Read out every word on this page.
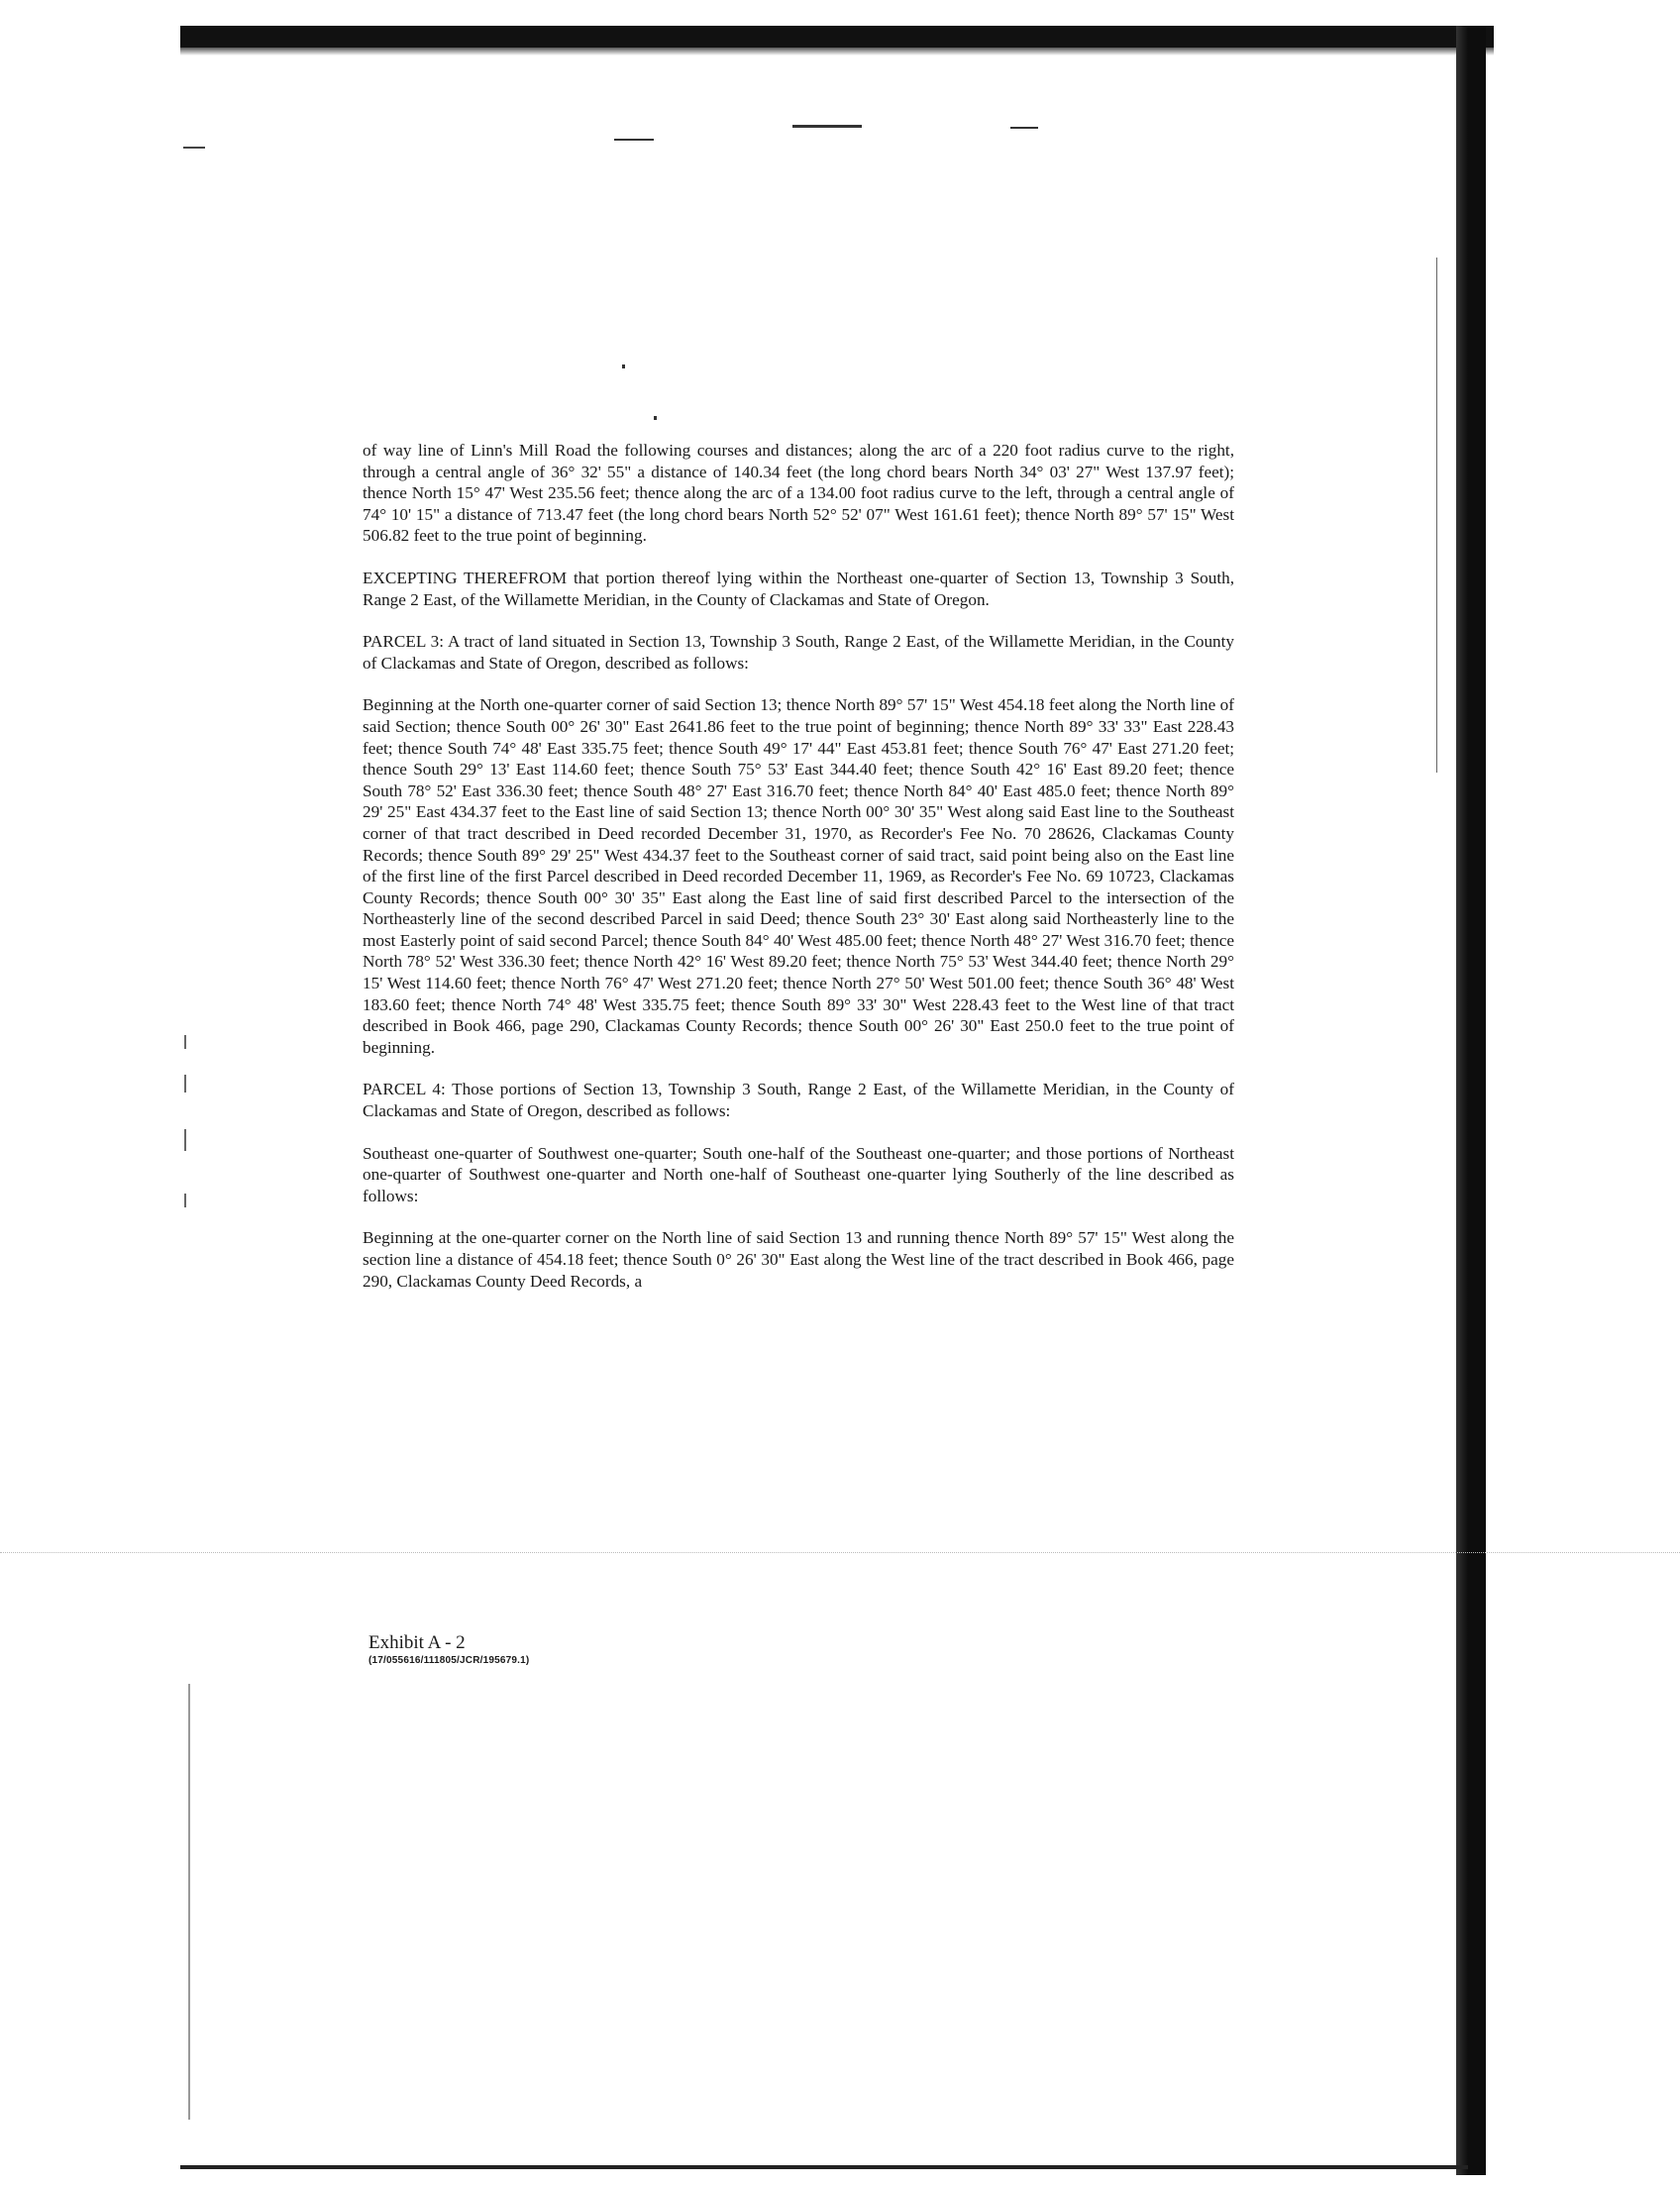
of way line of Linn's Mill Road the following courses and distances; along the arc of a 220 foot radius curve to the right, through a central angle of 36° 32' 55" a distance of 140.34 feet (the long chord bears North 34° 03' 27" West 137.97 feet); thence North 15° 47' West 235.56 feet; thence along the arc of a 134.00 foot radius curve to the left, through a central angle of 74° 10' 15" a distance of 713.47 feet (the long chord bears North 52° 52' 07" West 161.61 feet); thence North 89° 57' 15" West 506.82 feet to the true point of beginning.

EXCEPTING THEREFROM that portion thereof lying within the Northeast one-quarter of Section 13, Township 3 South, Range 2 East, of the Willamette Meridian, in the County of Clackamas and State of Oregon.

PARCEL 3: A tract of land situated in Section 13, Township 3 South, Range 2 East, of the Willamette Meridian, in the County of Clackamas and State of Oregon, described as follows:

Beginning at the North one-quarter corner of said Section 13; thence North 89° 57' 15" West 454.18 feet along the North line of said Section; thence South 00° 26' 30" East 2641.86 feet to the true point of beginning; thence North 89° 33' 33" East 228.43 feet; thence South 74° 48' East 335.75 feet; thence South 49° 17' 44" East 453.81 feet; thence South 76° 47' East 271.20 feet; thence South 29° 13' East 114.60 feet; thence South 75° 53' East 344.40 feet; thence South 42° 16' East 89.20 feet; thence South 78° 52' East 336.30 feet; thence South 48° 27' East 316.70 feet; thence North 84° 40' East 485.0 feet; thence North 89° 29' 25" East 434.37 feet to the East line of said Section 13; thence North 00° 30' 35" West along said East line to the Southeast corner of that tract described in Deed recorded December 31, 1970, as Recorder's Fee No. 70 28626, Clackamas County Records; thence South 89° 29' 25" West 434.37 feet to the Southeast corner of said tract, said point being also on the East line of the first line of the first Parcel described in Deed recorded December 11, 1969, as Recorder's Fee No. 69 10723, Clackamas County Records; thence South 00° 30' 35" East along the East line of said first described Parcel to the intersection of the Northeasterly line of the second described Parcel in said Deed; thence South 23° 30' East along said Northeasterly line to the most Easterly point of said second Parcel; thence South 84° 40' West 485.00 feet; thence North 48° 27' West 316.70 feet; thence North 78° 52' West 336.30 feet; thence North 42° 16' West 89.20 feet; thence North 75° 53' West 344.40 feet; thence North 29° 15' West 114.60 feet; thence North 76° 47' West 271.20 feet; thence North 27° 50' West 501.00 feet; thence South 36° 48' West 183.60 feet; thence North 74° 48' West 335.75 feet; thence South 89° 33' 30" West 228.43 feet to the West line of that tract described in Book 466, page 290, Clackamas County Records; thence South 00° 26' 30" East 250.0 feet to the true point of beginning.

PARCEL 4: Those portions of Section 13, Township 3 South, Range 2 East, of the Willamette Meridian, in the County of Clackamas and State of Oregon, described as follows:

Southeast one-quarter of Southwest one-quarter; South one-half of the Southeast one-quarter; and those portions of Northeast one-quarter of Southwest one-quarter and North one-half of Southeast one-quarter lying Southerly of the line described as follows:

Beginning at the one-quarter corner on the North line of said Section 13 and running thence North 89° 57' 15" West along the section line a distance of 454.18 feet; thence South 0° 26' 30" East along the West line of the tract described in Book 466, page 290, Clackamas County Deed Records, a

Exhibit A - 2
(17/055616/111805/JCR/195679.1)
